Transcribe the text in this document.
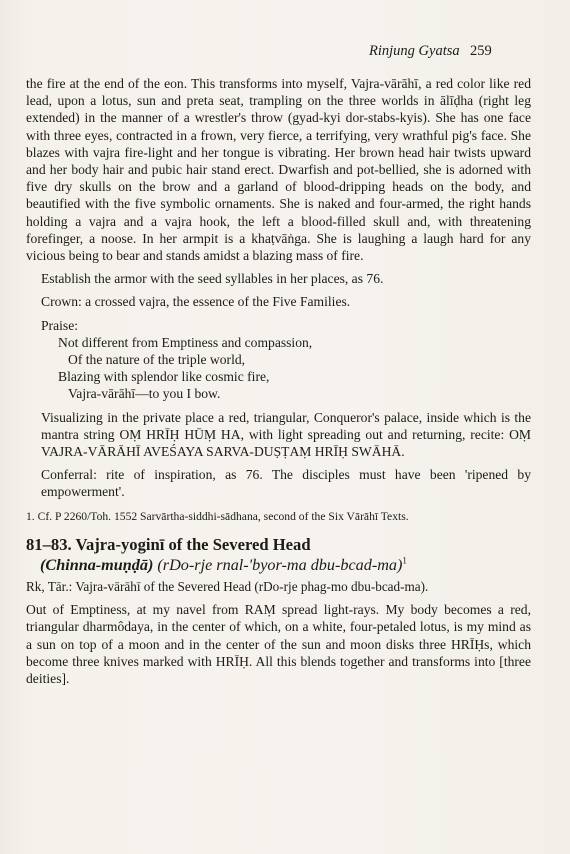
Rinjung Gyatsa 259

the fire at the end of the eon. This transforms into myself, Vajra-vārāhī, a red color like red lead, upon a lotus, sun and preta seat, trampling on the three worlds in ālīḍha (right leg extended) in the manner of a wrestler's throw (gyad-kyi dor-stabs-kyis). She has one face with three eyes, contracted in a frown, very fierce, a terrifying, very wrathful pig's face. She blazes with vajra fire-light and her tongue is vibrating. Her brown head hair twists upward and her body hair and pubic hair stand erect. Dwarfish and pot-bellied, she is adorned with five dry skulls on the brow and a garland of blood-dripping heads on the body, and beautified with the five symbolic ornaments. She is naked and four-armed, the right hands holding a vajra and a vajra hook, the left a blood-filled skull and, with threatening forefinger, a noose. In her armpit is a khaṭvāṅga. She is laughing a laugh hard for any vicious being to bear and stands amidst a blazing mass of fire.

Establish the armor with the seed syllables in her places, as 76.

Crown: a crossed vajra, the essence of the Five Families.

Praise:

Not different from Emptiness and compassion,
Of the nature of the triple world,
Blazing with splendor like cosmic fire,
Vajra-vārāhī—to you I bow.

Visualizing in the private place a red, triangular, Conqueror's palace, inside which is the mantra string OṂ HRĪḤ HŪṂ HA, with light spreading out and returning, recite: OṂ VAJRA-VĀRĀHĪ AVEŚAYA SARVA-DUṢṬAṂ HRĪḤ SWĀHĀ.

Conferral: rite of inspiration, as 76. The disciples must have been 'ripened by empowerment'.

1. Cf. P 2260/Toh. 1552 Sarvārtha-siddhi-sādhana, second of the Six Vārāhī Texts.

81–83. Vajra-yoginī of the Severed Head
(Chinna-muṇḍā) (rDo-rje rnal-'byor-ma dbu-bcad-ma)$^1$

Rk, Tār.: Vajra-vārāhī of the Severed Head (rDo-rje phag-mo dbu-bcad-ma).

Out of Emptiness, at my navel from RAṂ spread light-rays. My body becomes a red, triangular dharmôdaya, in the center of which, on a white, four-petaled lotus, is my mind as a sun on top of a moon and in the center of the sun and moon disks three HRĪḤs, which become three knives marked with HRĪḤ. All this blends together and transforms into [three deities].
